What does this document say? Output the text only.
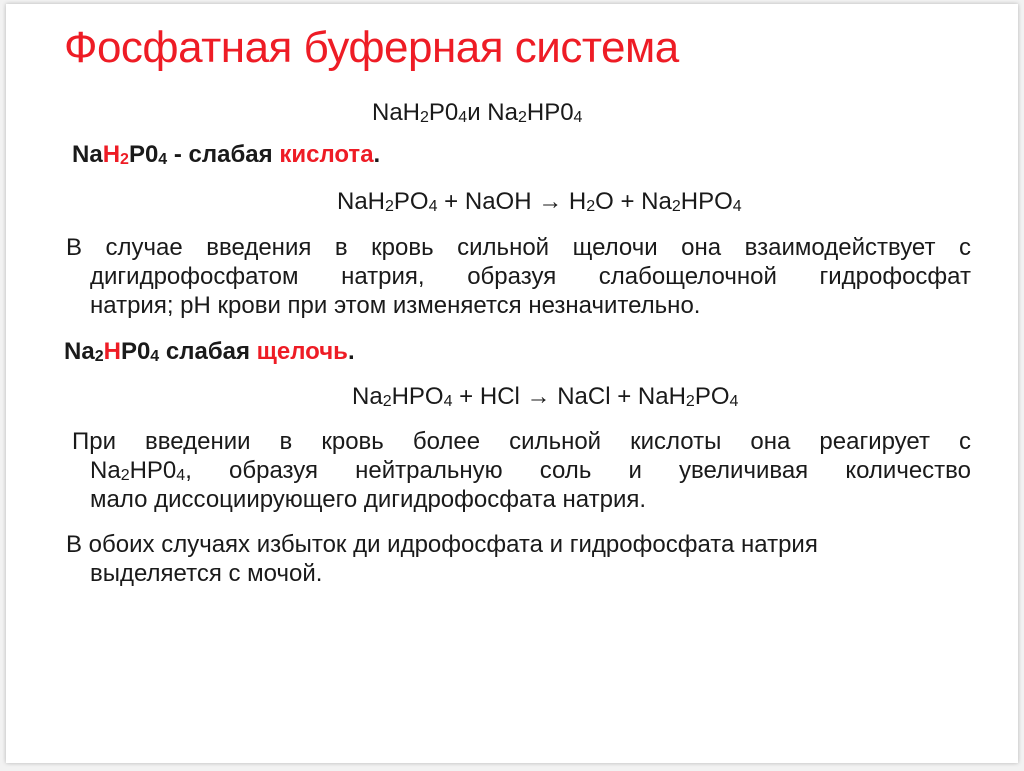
Фосфатная буферная система
$NaH_2P0_4и$ $Na_2HP0_4$
$NaH_2P0_4$ - слабая кислота.
$NaH_2PO_4$ + NaOH → $H_2O + Na_2HPO_4$
В случае введения в кровь сильной щелочи она взаимодействует с
дигидрофосфатом натрия, образуя слабощелочной гидрофосфат
натрия; pH крови при этом изменяется незначительно.
$Na_2HP0_4$ слабая щелочь.
$Na_2HPO_4$ + HCl → NaCl + $NaH_2PO_4$
При введении в кровь более сильной кислоты она реагирует с
$Na_2HP0_4$, образуя нейтральную соль и увеличивая количество
мало диссоциирующего дигидрофосфата натрия.
В обоих случаях избыток ди идрофосфата и гидрофосфата натрия
выделяется с мочой.
